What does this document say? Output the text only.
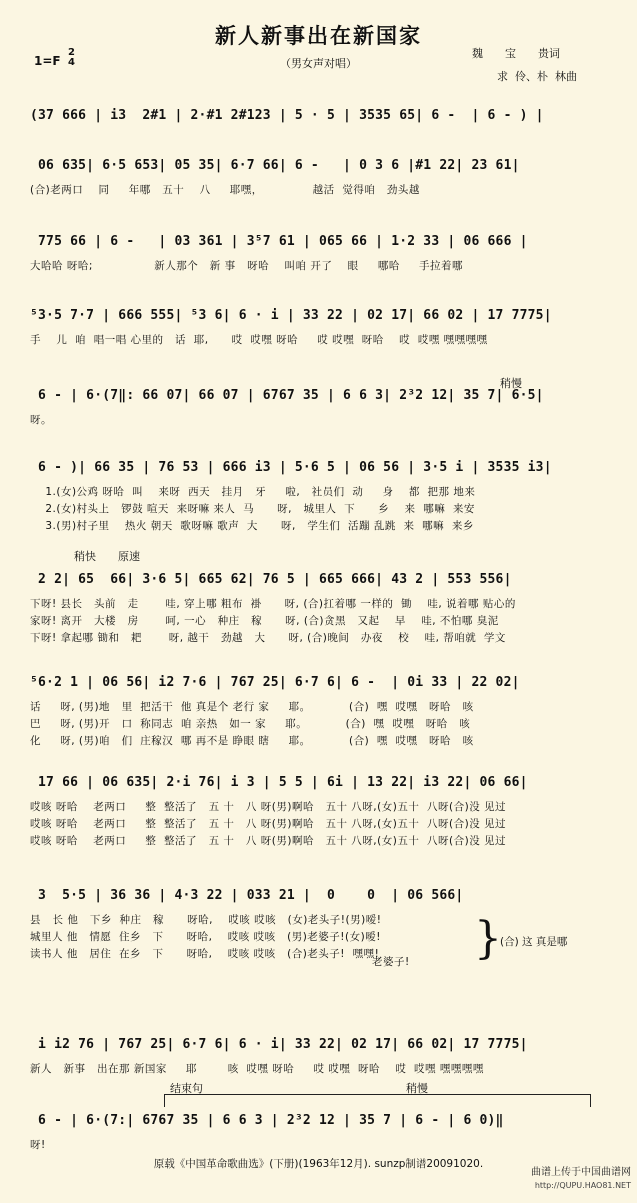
新人新事出在新国家
（男女声对唱）
1=F
2
4
魏　　宝　　贵词
求  伶、朴  林曲
稍慢
稍快 原速
结束句	稍慢
(37 666 | i3  2#1 | 2·#1 2#123 | 5 · 5 | 3535 65| 6 -  | 6 - ) |
06 635| 6·5 653| 05 35| 6·7 66| 6 -   | 0 3 6 |#1 22| 23 61|
(合)老两口    同     年哪   五十    八     耶嘿，             越活  觉得咱   劲头越
775 66 | 6 -   | 03 361 | 3⁵7 61 | 065 66 | 1·2 33 | 06 666 |
大哈哈 呀哈;                新人那个   新 事   呀哈    叫咱 开了    眼     哪哈     手拉着哪
⁵3·5 7·7 | 666 555| ⁵3 6| 6 · i | 33 22 | 02 17| 66 02 | 17 7775|
手    儿  咱  唱一唱 心里的   话  耶,      哎  哎嘿 呀哈     哎 哎嘿  呀哈    哎  哎嘿 嘿嘿嘿嘿
6 - | 6·(7‖: 66 07| 66 07 | 6767 35 | 6 6 3| 2³2 12| 35 7| 6·5|
呀。
6 - )| 66 35 | 76 53 | 666 i3 | 5·6 5 | 06 56 | 3·5 i | 3535 i3|
1.(女)公鸡 呀哈  叫    来呀  西天   挂月   牙     啦,   社员们  动     身    都  把那 地来
2.(女)村头上   锣鼓 喧天  来呀嘛 来人  马      呀,   城里人  下      乡    来  哪嘛  来安
3.(男)村子里    热火 朝天  歌呀嘛 歌声  大      呀,   学生们  活蹦 乱跳  来  哪嘛  来乡
2 2| 65  66| 3·6 5| 665 62| 76 5 | 665 666| 43 2 | 553 556|
下呀! 县长   头前   走       哇, 穿上哪 粗布  褂      呀, (合)扛着哪 一样的  锄    哇, 说着哪 贴心的
家呀! 离开   大楼   房       呵, 一心   种庄   稼      呀, (合)贪黑   又起    早    哇, 不怕哪 臭泥
下呀! 拿起哪 锄和   耙       呀, 越干   劲越   大      呀, (合)晚间   办夜    校    哇, 帮咱就  学文
⁵6·2 1 | 06 56| i2 7·6 | 767 25| 6·7 6| 6 -  | 0i 33 | 22 02|
话     呀, (男)地   里  把活干  他 真是个 老行 家     耶。          (合)  嘿  哎嘿   呀哈   咳
巴     呀, (男)开   口  称同志  咱 亲热   如一 家     耶。          (合)  嘿  哎嘿   呀哈   咳
化     呀, (男)咱   们  庄稼汉  哪 再不是 睁眼 瞎     耶。          (合)  嘿  哎嘿   呀哈   咳
17 66 | 06 635| 2·i 76| i 3 | 5 5 | 6i | 13 22| i3 22| 06 66|
哎咳 呀哈    老两口     整  整活了   五 十   八 呀(男)啊哈   五十 八呀,(女)五十  八呀(合)没 见过
哎咳 呀哈    老两口     整  整活了   五 十   八 呀(男)啊哈   五十 八呀,(女)五十  八呀(合)没 见过
哎咳 呀哈    老两口     整  整活了   五 十   八 呀(男)啊哈   五十 八呀,(女)五十  八呀(合)没 见过
3  5·5 | 36 36 | 4·3 22 | 033 21 |  0    0  | 06 566|
县   长 他   下乡  种庄   稼      呀哈,    哎咳 哎咳   (女)老头子!(男)嗳!
城里人 他   情愿  住乡   下      呀哈,    哎咳 哎咳   (男)老婆子!(女)嗳!
读书人 他   居住  在乡   下      呀哈,    哎咳 哎咳   (合)老头子!  嘿嘿!
老婆子!
i i2 76 | 767 25| 6·7 6| 6 · i| 33 22| 02 17| 66 02| 17 7775|
新人   新事   出在那 新国家     耶        咳  哎嘿 呀哈     哎 哎嘿  呀哈    哎  哎嘿 嘿嘿嘿嘿
6 - | 6·(7:| 6767 35 | 6 6 3 | 2³2 12 | 35 7 | 6 - | 6 0)‖
呀!
}
(合) 这 真是哪
原载《中国革命歌曲选》(下册)(1963年12月). sunzp制谱20091020.
曲谱上传于中国曲谱网
http://QUPU.HAO81.NET
